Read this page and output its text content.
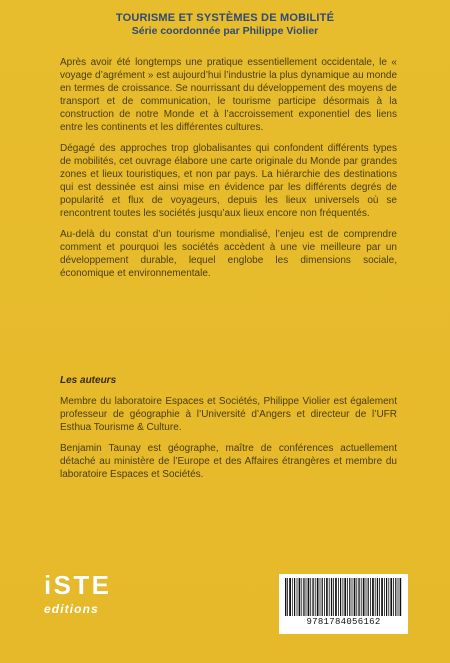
TOURISME ET SYSTÈMES DE MOBILITÉ
Série coordonnée par Philippe Violier

Après avoir été longtemps une pratique essentiellement occidentale, le « voyage d’agrément » est aujourd’hui l’industrie la plus dynamique au monde en termes de croissance. Se nourrissant du développement des moyens de transport et de communication, le tourisme participe désormais à la construction de notre Monde et à l’accroissement exponentiel des liens entre les continents et les différentes cultures.

Dégagé des approches trop globalisantes qui confondent différents types de mobilités, cet ouvrage élabore une carte originale du Monde par grandes zones et lieux touristiques, et non par pays. La hiérarchie des destinations qui est dessinée est ainsi mise en évidence par les différents degrés de popularité et flux de voyageurs, depuis les lieux universels où se rencontrent toutes les sociétés jusqu’aux lieux encore non fréquentés.

Au-delà du constat d’un tourisme mondialisé, l’enjeu est de comprendre comment et pourquoi les sociétés accèdent à une vie meilleure par un développement durable, lequel englobe les dimensions sociale, économique et environnementale.

Les auteurs

Membre du laboratoire Espaces et Sociétés, Philippe Violier est également professeur de géographie à l’Université d’Angers et directeur de l’UFR Esthua Tourisme & Culture.

Benjamin Taunay est géographe, maître de conférences actuellement détaché au ministère de l’Europe et des Affaires étrangères et membre du laboratoire Espaces et Sociétés.

i S T E
editions
9781784056162
